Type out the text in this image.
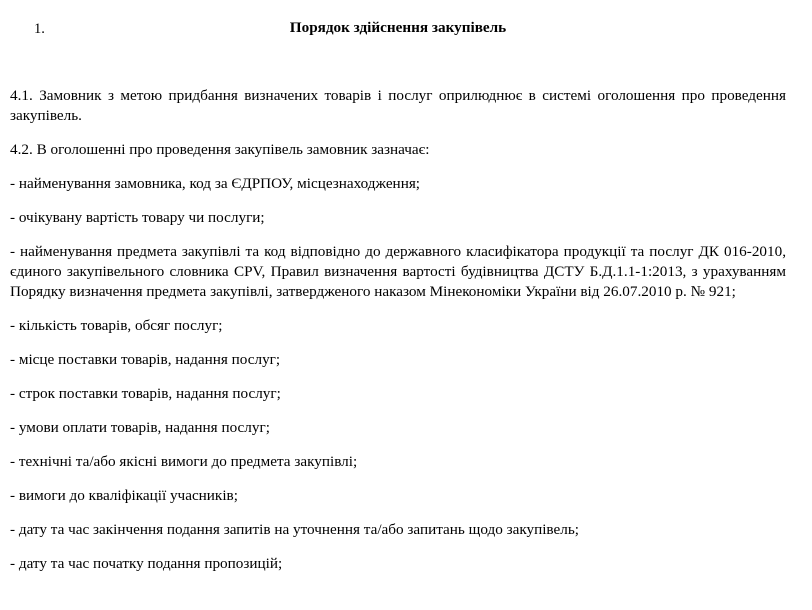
1.	Порядок здійснення закупівель

4.1. Замовник з метою придбання визначених товарів і послуг оприлюднює в системі оголошення про проведення закупівель.

4.2. В оголошенні про проведення закупівель замовник зазначає:

- найменування замовника, код за ЄДРПОУ, місцезнаходження;

- очікувану вартість товару чи послуги;

- найменування предмета закупівлі та код відповідно до державного класифікатора продукції та послуг ДК 016-2010, єдиного закупівельного словника CPV, Правил визначення вартості будівництва ДСТУ Б.Д.1.1-1:2013, з урахуванням Порядку визначення предмета закупівлі, затвердженого наказом Мінекономіки України від 26.07.2010 р. № 921;

- кількість товарів, обсяг послуг;

- місце поставки товарів, надання послуг;

- строк поставки товарів, надання послуг;

- умови оплати товарів, надання послуг;

- технічні та/або якісні вимоги до предмета закупівлі;

- вимоги до кваліфікації учасників;

- дату та час закінчення подання запитів на уточнення та/або запитань щодо закупівель;

- дату та час початку подання пропозицій;
